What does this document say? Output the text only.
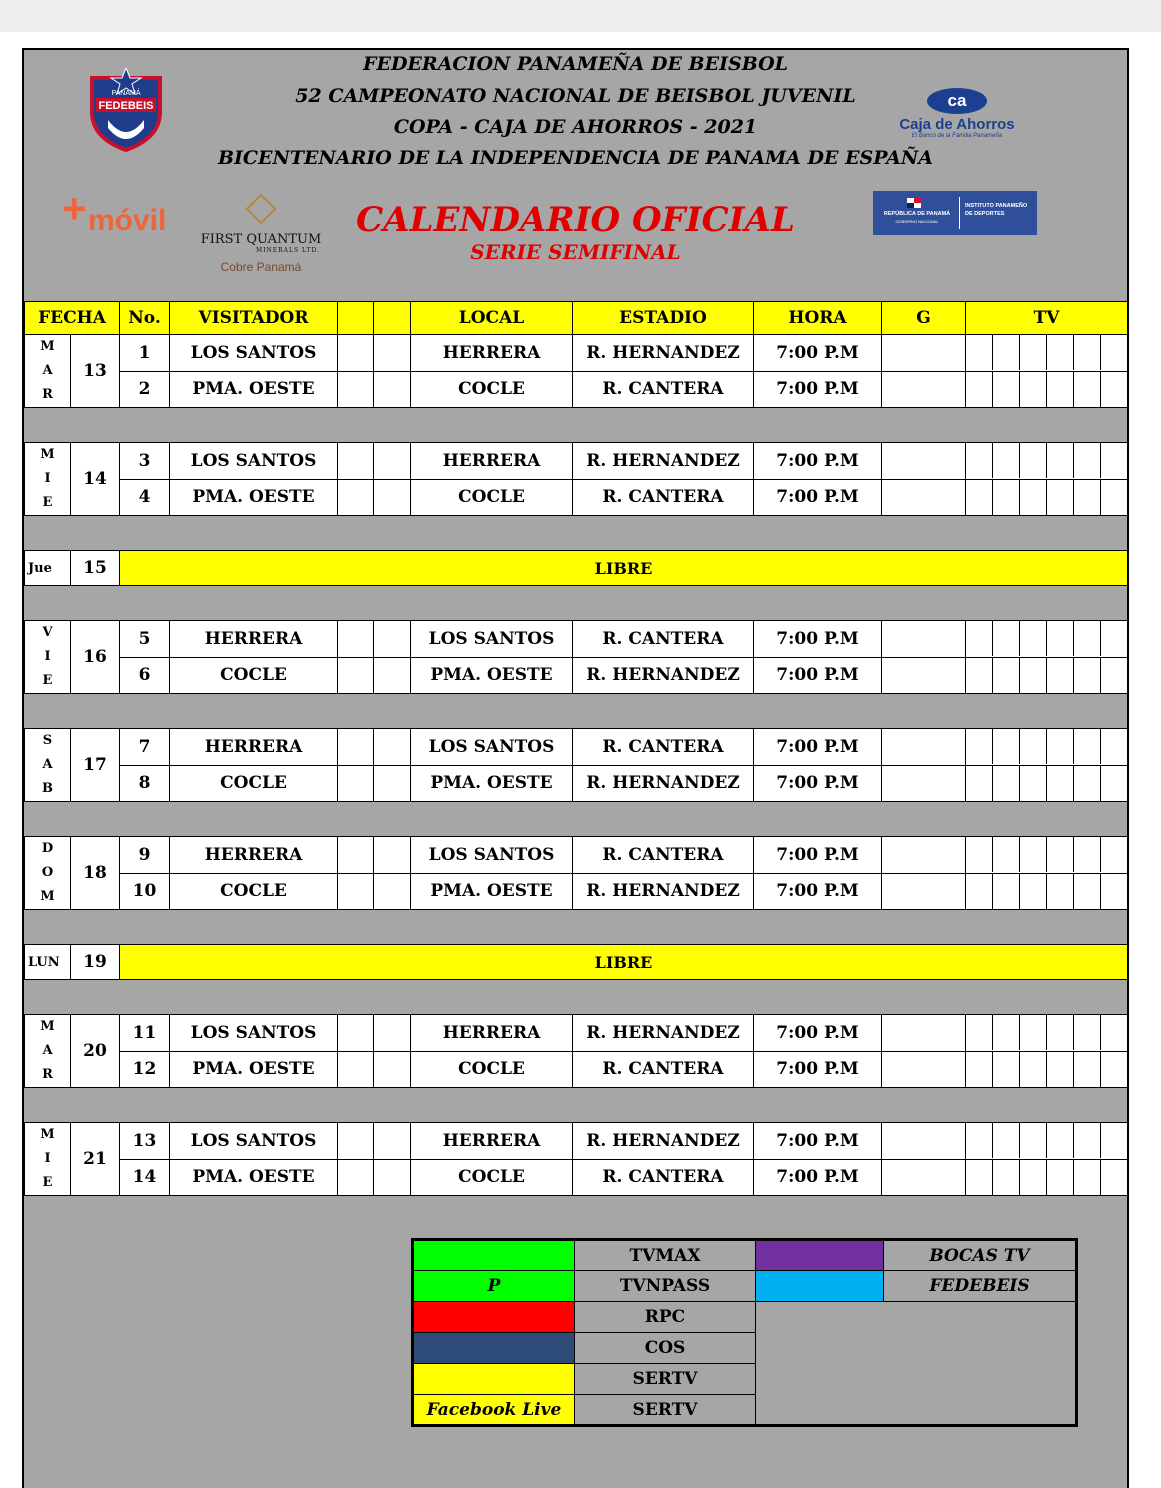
PANAMÁ
FEDEBEIS	ca
Caja de Ahorros
El Banco de la Familia Panameña
FEDERACION PANAMEÑA DE BEISBOL
52 CAMPEONATO NACIONAL DE BEISBOL JUVENIL
COPA - CAJA DE AHORROS - 2021
BICENTENARIO DE LA INDEPENDENCIA DE PANAMA DE ESPAÑA
+ móvil
FIRST QUANTUM
MINERALS LTD.
Cobre Panamá
CALENDARIO OFICIAL
SERIE SEMIFINAL
REPÚBLICA DE PANAMÁ
GOBIERNO NACIONAL
INSTITUTO PANAMEÑO DE DEPORTES
FECHA		No.	VISITADOR			LOCAL	ESTADIO	HORA	G	TV

M
A
R	13	1	LOS SANTOS			HERRERA	R. HERNANDEZ	7:00 P.M		

		2	PMA. OESTE			COCLE	R. CANTERA	7:00 P.M		

M
I
E	14	3	LOS SANTOS			HERRERA	R. HERNANDEZ	7:00 P.M		

		4	PMA. OESTE			COCLE	R. CANTERA	7:00 P.M		

Jue	15	LIBRE								

V
I
E	16	5	HERRERA			LOS SANTOS	R. CANTERA	7:00 P.M		

		6	COCLE			PMA. OESTE	R. HERNANDEZ	7:00 P.M		

S
A
B	17	7	HERRERA			LOS SANTOS	R. CANTERA	7:00 P.M		

		8	COCLE			PMA. OESTE	R. HERNANDEZ	7:00 P.M		

D
O
M	18	9	HERRERA			LOS SANTOS	R. CANTERA	7:00 P.M		

		10	COCLE			PMA. OESTE	R. HERNANDEZ	7:00 P.M		

LUN	19	LIBRE								

M
A
R	20	11	LOS SANTOS			HERRERA	R. HERNANDEZ	7:00 P.M		

		12	PMA. OESTE			COCLE	R. CANTERA	7:00 P.M		

M
I
E	21	13	LOS SANTOS			HERRERA	R. HERNANDEZ	7:00 P.M		

		14	PMA. OESTE			COCLE	R. CANTERA	7:00 P.M		
	TVMAX		BOCAS TV
P	TVNPASS		FEDEBEIS
	RPC		
	COS		
	SERTV		
Facebook Live	SERTV		
